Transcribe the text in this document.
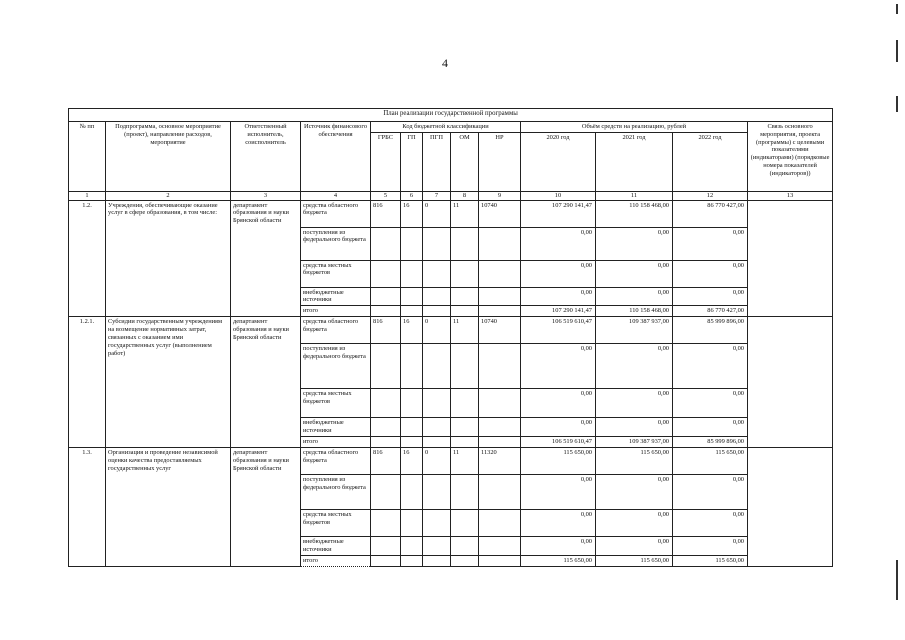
4
План реализации государственной программы												
№ пп	Подпрограмма, основное мероприятие (проект), направление расходов, мероприятие	Ответственный исполнитель, соисполнитель	Источник финансового обеспечения	Код бюджетной классификации					Объём средств на реализацию, рублей			Связь основного мероприятия, проекта (программы) с целевыми показателями (индикаторами) (порядковые номера показателей (индикаторов))
				ГРБС	ГП	ПГП	ОМ	НР	2020 год	2021 год	2022 год	
1	2	3	4	5	6	7	8	9	10	11	12	13
1.2.	Учреждения, обеспечивающие оказание услуг в сфере образования, в том числе:	департамент образования и науки Брянской области	средства областного бюджета	816	16	0	11	10740	107 290 141,47	110 158 468,00	86 770 427,00	
			поступления из федерального бюджета						0,00	0,00	0,00	
			средства местных бюджетов						0,00	0,00	0,00	
			внебюджетные источники						0,00	0,00	0,00	
			итого						107 290 141,47	110 158 468,00	86 770 427,00	
1.2.1.	Субсидии государственным учреждениям на возмещение нормативных затрат, связанных с оказанием ими государственных услуг (выполнением работ)	департамент образования и науки Брянской области	средства областного бюджета	816	16	0	11	10740	106 519 610,47	109 387 937,00	85 999 896,00	
			поступления из федерального бюджета						0,00	0,00	0,00	
			средства местных бюджетов						0,00	0,00	0,00	
			внебюджетные источники						0,00	0,00	0,00	
			итого						106 519 610,47	109 387 937,00	85 999 896,00	
1.3.	Организация и проведение независимой оценки качества предоставляемых государственных услуг	департамент образования и науки Брянской области	средства областного бюджета	816	16	0	11	11320	115 650,00	115 650,00	115 650,00	
			поступления из федерального бюджета						0,00	0,00	0,00	
			средства местных бюджетов						0,00	0,00	0,00	
			внебюджетные источники						0,00	0,00	0,00	
			итого						115 650,00	115 650,00	115 650,00	
